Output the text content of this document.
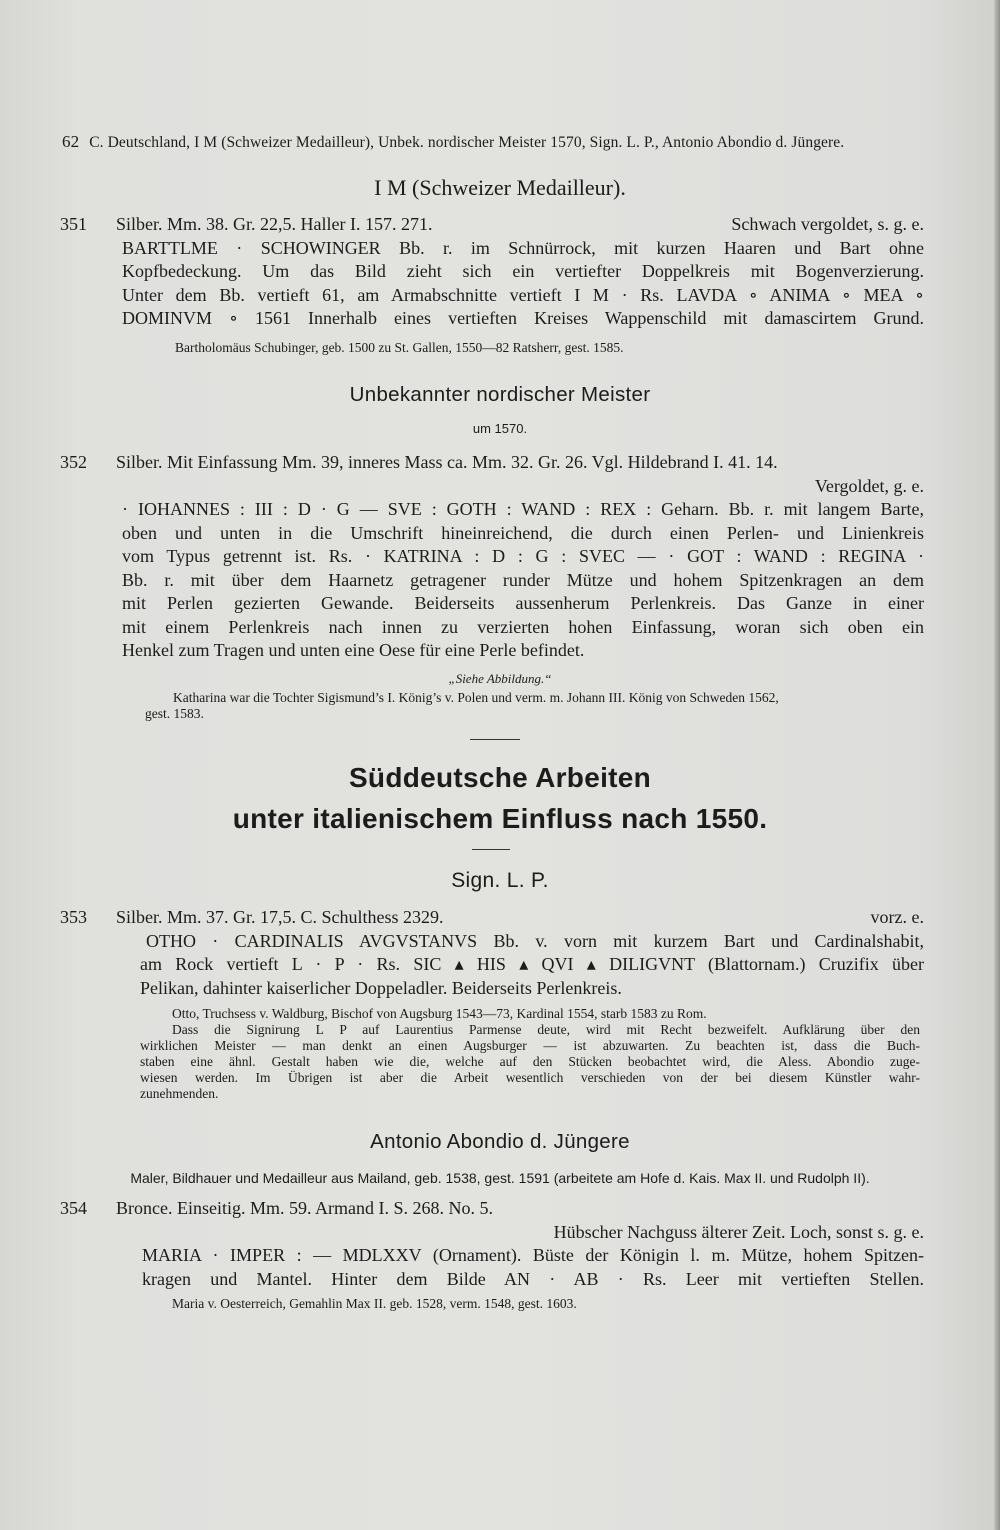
62 C. Deutschland, I M (Schweizer Medailleur), Unbek. nordischer Meister 1570, Sign. L. P., Antonio Abondio d. Jüngere.
I M (Schweizer Medailleur).
351 Silber. Mm. 38. Gr. 22,5. Haller I. 157. 271.	Schwach vergoldet, s. g. e.
BARTTLME · SCHOWINGER Bb. r. im Schnürrock, mit kurzen Haaren und Bart ohne
Kopfbedeckung. Um das Bild zieht sich ein vertiefter Doppelkreis mit Bogenverzierung.
Unter dem Bb. vertieft 61, am Armabschnitte vertieft I M · Rs. LAVDA ∘ ANIMA ∘ MEA ∘
DOMINVM ∘ 1561 Innerhalb eines vertieften Kreises Wappenschild mit damascirtem Grund.
Bartholomäus Schubinger, geb. 1500 zu St. Gallen, 1550—82 Ratsherr, gest. 1585.
Unbekannter nordischer Meister
um 1570.
352 Silber. Mit Einfassung Mm. 39, inneres Mass ca. Mm. 32. Gr. 26. Vgl. Hildebrand I. 41. 14.
Vergoldet, g. e.
· IOHANNES : III : D · G — SVE : GOTH : WAND : REX : Geharn. Bb. r. mit langem Barte,
oben und unten in die Umschrift hineinreichend, die durch einen Perlen- und Linienkreis
vom Typus getrennt ist. Rs. · KATRINA : D : G : SVEC — · GOT : WAND : REGINA ·
Bb. r. mit über dem Haarnetz getragener runder Mütze und hohem Spitzenkragen an dem
mit Perlen gezierten Gewande. Beiderseits aussenherum Perlenkreis. Das Ganze in einer
mit einem Perlenkreis nach innen zu verzierten hohen Einfassung, woran sich oben ein
Henkel zum Tragen und unten eine Oese für eine Perle befindet.
„Siehe Abbildung.“
Katharina war die Tochter Sigismund’s I. König’s v. Polen und verm. m. Johann III. König von Schweden 1562,
gest. 1583.
Süddeutsche Arbeiten
unter italienischem Einfluss nach 1550.
Sign. L. P.
353 Silber. Mm. 37. Gr. 17,5. C. Schulthess 2329.	vorz. e.
OTHO · CARDINALIS AVGVSTANVS Bb. v. vorn mit kurzem Bart und Cardinalshabit,
am Rock vertieft L · P · Rs. SIC ▴ HIS ▴ QVI ▴ DILIGVNT (Blattornam.) Cruzifix über
Pelikan, dahinter kaiserlicher Doppeladler. Beiderseits Perlenkreis.
Otto, Truchsess v. Waldburg, Bischof von Augsburg 1543—73, Kardinal 1554, starb 1583 zu Rom.
Dass die Signirung L P auf Laurentius Parmense deute, wird mit Recht bezweifelt. Aufklärung über den
wirklichen Meister — man denkt an einen Augsburger — ist abzuwarten. Zu beachten ist, dass die Buch-
staben eine ähnl. Gestalt haben wie die, welche auf den Stücken beobachtet wird, die Aless. Abondio zuge-
wiesen werden. Im Übrigen ist aber die Arbeit wesentlich verschieden von der bei diesem Künstler wahr-
zunehmenden.
Antonio Abondio d. Jüngere
Maler, Bildhauer und Medailleur aus Mailand, geb. 1538, gest. 1591 (arbeitete am Hofe d. Kais. Max II. und Rudolph II).
354 Bronce. Einseitig. Mm. 59. Armand I. S. 268. No. 5.
Hübscher Nachguss älterer Zeit. Loch, sonst s. g. e.
MARIA · IMPER : — MDLXXV (Ornament). Büste der Königin l. m. Mütze, hohem Spitzen-
kragen und Mantel. Hinter dem Bilde AN · AB · Rs. Leer mit vertieften Stellen.
Maria v. Oesterreich, Gemahlin Max II. geb. 1528, verm. 1548, gest. 1603.
